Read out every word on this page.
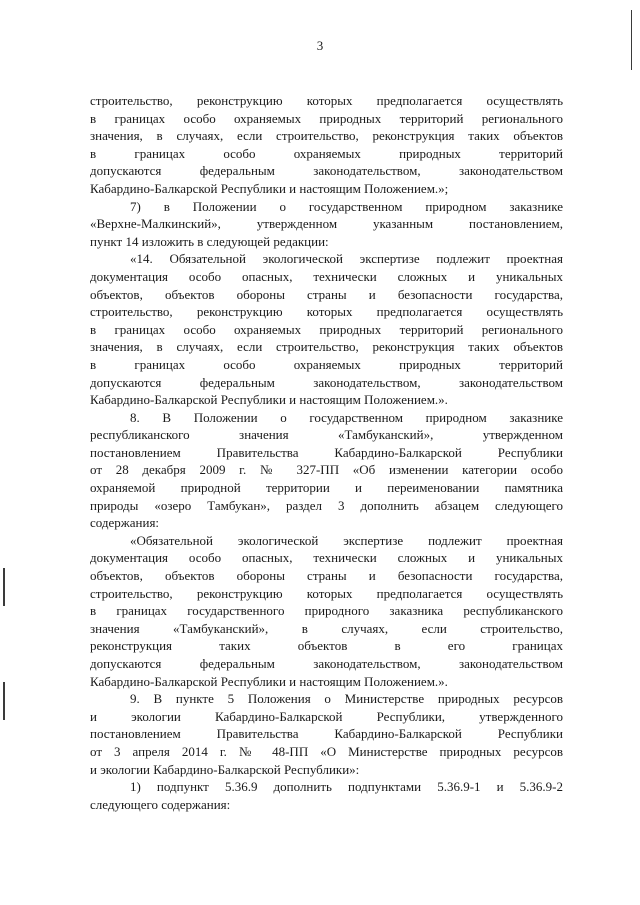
3

строительство, реконструкцию которых предполагается осуществлять

в границах особо охраняемых природных территорий регионального

значения, в случаях, если строительство, реконструкция таких объектов

в границах особо охраняемых природных территорий

допускаются федеральным законодательством, законодательством

Кабардино-Балкарской Республики и настоящим Положением.»;

7) в Положении о государственном природном заказнике

«Верхне-Малкинский», утвержденном указанным постановлением,

пункт 14 изложить в следующей редакции:

«14. Обязательной экологической экспертизе подлежит проектная

документация особо опасных, технически сложных и уникальных

объектов, объектов обороны страны и безопасности государства,

строительство, реконструкцию которых предполагается осуществлять

в границах особо охраняемых природных территорий регионального

значения, в случаях, если строительство, реконструкция таких объектов

в границах особо охраняемых природных территорий

допускаются федеральным законодательством, законодательством

Кабардино-Балкарской Республики и настоящим Положением.».

8. В Положении о государственном природном заказнике

республиканского значения «Тамбуканский», утвержденном

постановлением Правительства Кабардино-Балкарской Республики

от 28 декабря 2009 г. № 327-ПП «Об изменении категории особо

охраняемой природной территории и переименовании памятника

природы «озеро Тамбукан», раздел 3 дополнить абзацем следующего

содержания:

«Обязательной экологической экспертизе подлежит проектная

документация особо опасных, технически сложных и уникальных

объектов, объектов обороны страны и безопасности государства,

строительство, реконструкцию которых предполагается осуществлять

в границах государственного природного заказника республиканского

значения «Тамбуканский», в случаях, если строительство,

реконструкция таких объектов в его границах

допускаются федеральным законодательством, законодательством

Кабардино-Балкарской Республики и настоящим Положением.».

9. В пункте 5 Положения о Министерстве природных ресурсов

и экологии Кабардино-Балкарской Республики, утвержденного

постановлением Правительства Кабардино-Балкарской Республики

от 3 апреля 2014 г. № 48-ПП «О Министерстве природных ресурсов

и экологии Кабардино-Балкарской Республики»:

1) подпункт 5.36.9 дополнить подпунктами 5.36.9-1 и 5.36.9-2

следующего содержания:
